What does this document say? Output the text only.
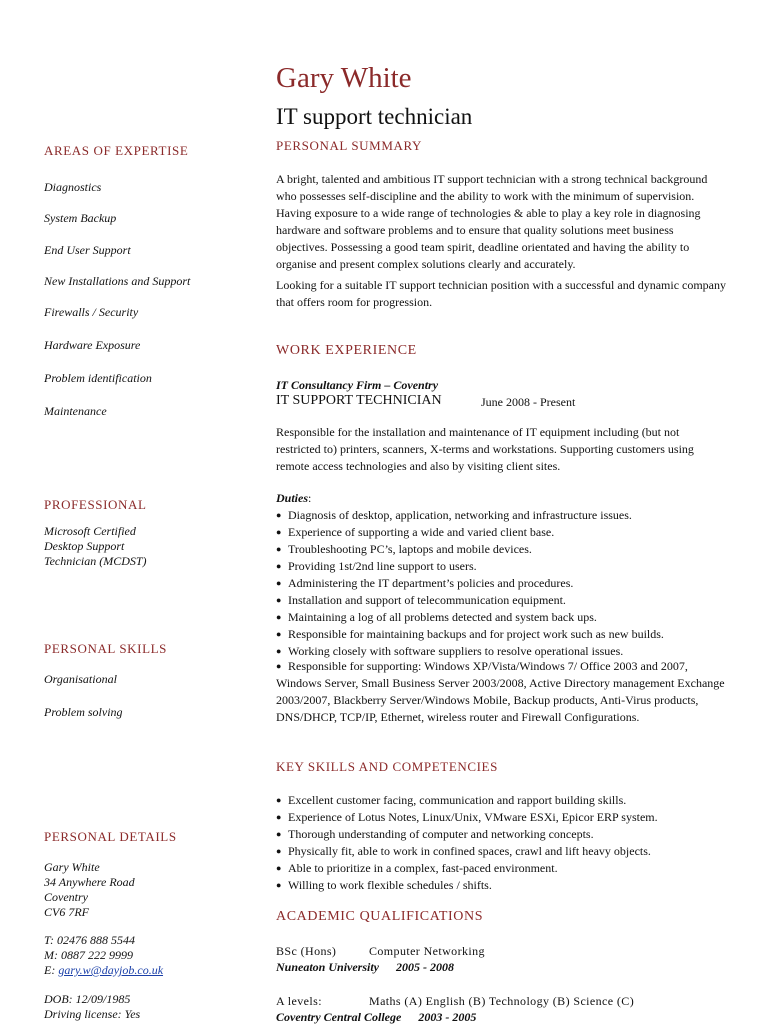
Gary White
IT support technician
AREAS OF EXPERTISE
Diagnostics
System Backup
End User Support
New Installations and Support
Firewalls / Security
Hardware Exposure
Problem identification
Maintenance
PROFESSIONAL
Microsoft Certified
Desktop Support
Technician (MCDST)
PERSONAL SKILLS
Organisational
Problem solving
PERSONAL DETAILS
Gary White
34 Anywhere Road
Coventry
CV6 7RF
T: 02476 888 5544
M: 0887 222 9999
E: gary.w@dayjob.co.uk
DOB: 12/09/1985
Driving license: Yes
PERSONAL SUMMARY

A bright, talented and ambitious IT support technician with a strong technical background who possesses self-discipline and the ability to work with the minimum of supervision. Having exposure to a wide range of technologies & able to play a key role in diagnosing hardware and software problems and to ensure that quality solutions meet business objectives. Possessing a good team spirit, deadline orientated and having the ability to organise and present complex solutions clearly and accurately.

Looking for a suitable IT support technician position with a successful and dynamic company that offers room for progression.

WORK EXPERIENCE
IT Consultancy Firm – Coventry
IT SUPPORT TECHNICIAN	June 2008 - Present
Responsible for the installation and maintenance of IT equipment including (but not restricted to) printers, scanners, X-terms and workstations. Supporting customers using remote access technologies and also by visiting client sites.
Duties:
● Diagnosis of desktop, application, networking and infrastructure issues.
● Experience of supporting a wide and varied client base.
● Troubleshooting PC’s, laptops and mobile devices.
● Providing 1st/2nd line support to users.
● Administering the IT department’s policies and procedures.
● Installation and support of telecommunication equipment.
● Maintaining a log of all problems detected and system back ups.
● Responsible for maintaining backups and for project work such as new builds.
● Working closely with software suppliers to resolve operational issues.
● Responsible for supporting: Windows XP/Vista/Windows 7/ Office 2003 and 2007, Windows Server, Small Business Server 2003/2008, Active Directory management Exchange 2003/2007, Blackberry Server/Windows Mobile, Backup products, Anti-Virus products, DNS/DHCP, TCP/IP, Ethernet, wireless router and Firewall Configurations.
KEY SKILLS AND COMPETENCIES
● Excellent customer facing, communication and rapport building skills.
● Experience of Lotus Notes, Linux/Unix, VMware ESXi, Epicor ERP system.
● Thorough understanding of computer and networking concepts.
● Physically fit, able to work in confined spaces, crawl and lift heavy objects.
● Able to prioritize in a complex, fast-paced environment.
● Willing to work flexible schedules / shifts.
ACADEMIC QUALIFICATIONS
BSc (Hons)	Computer Networking
Nuneaton University 2005 - 2008
A levels:	Maths (A) English (B) Technology (B) Science (C)
Coventry Central College 2003 - 2005
